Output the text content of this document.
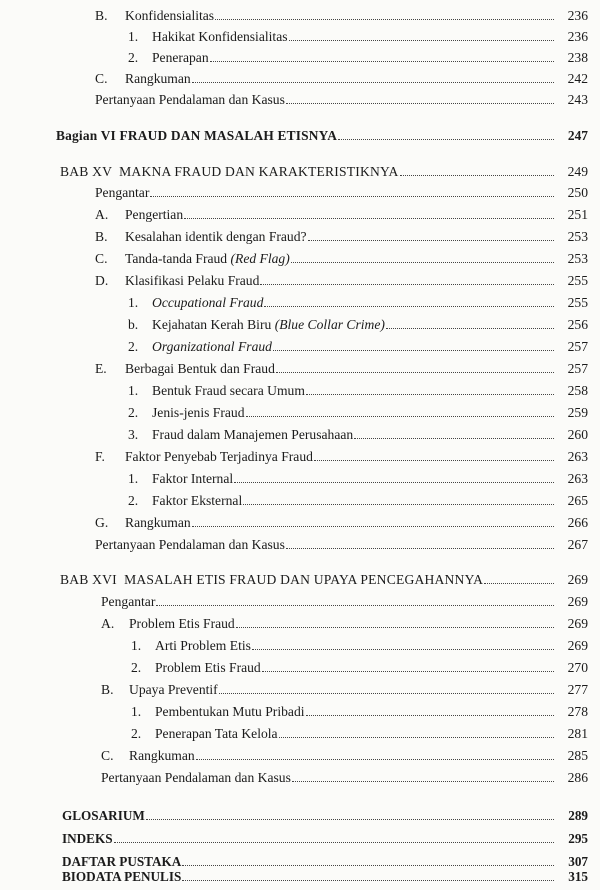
B.	Konfidensialitas	236
1.	Hakikat Konfidensialitas	236
2.	Penerapan	238
C.	Rangkuman	242
Pertanyaan Pendalaman dan Kasus	243
Bagian VI FRAUD DAN MASALAH ETISNYA	247
BAB XV  MAKNA FRAUD DAN KARAKTERISTIKNYA	249
Pengantar	250
A.	Pengertian	251
B.	Kesalahan identik dengan Fraud?	253
C.	Tanda-tanda Fraud (Red Flag)	253
D.	Klasifikasi Pelaku Fraud	255
1.	Occupational Fraud	255
b.	Kejahatan Kerah Biru (Blue Collar Crime)	256
2.	Organizational Fraud	257
E.	Berbagai Bentuk dan Fraud	257
1.	Bentuk Fraud secara Umum	258
2.	Jenis-jenis Fraud	259
3.	Fraud dalam Manajemen Perusahaan	260
F.	Faktor Penyebab Terjadinya Fraud	263
1.	Faktor Internal	263
2.	Faktor Eksternal	265
G.	Rangkuman	266
Pertanyaan Pendalaman dan Kasus	267
BAB XVI  MASALAH ETIS FRAUD DAN UPAYA PENCEGAHANNYA	269
Pengantar	269
A.	Problem Etis Fraud	269
1.	Arti Problem Etis	269
2.	Problem Etis Fraud	270
B.	Upaya Preventif	277
1.	Pembentukan Mutu Pribadi	278
2.	Penerapan Tata Kelola	281
C.	Rangkuman	285
Pertanyaan Pendalaman dan Kasus	286
GLOSARIUM	289
INDEKS	295
DAFTAR PUSTAKA	307
BIODATA PENULIS	315
